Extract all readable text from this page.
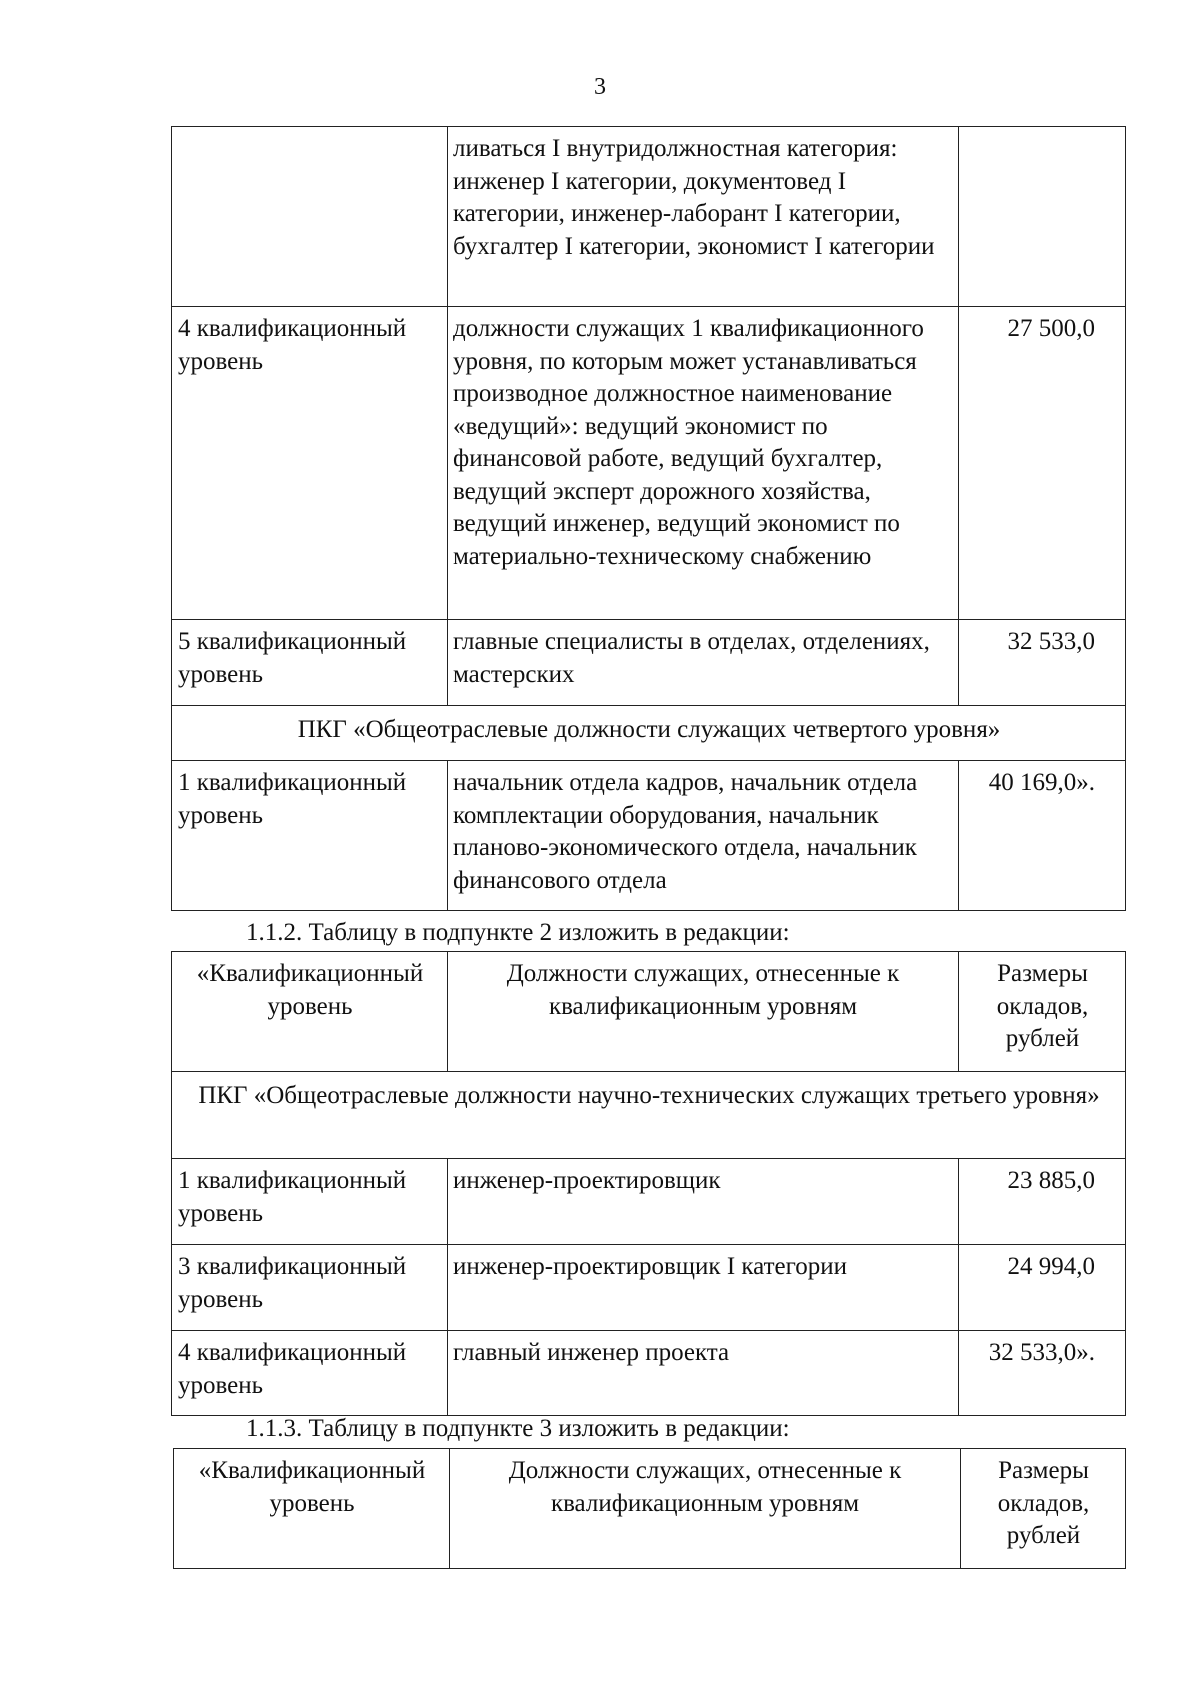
3
	ливаться I внутридолжностная категория: инженер I категории, документовед I категории, инженер-лаборант I категории, бухгалтер I категории, экономист I категории	
4 квалификационный уровень	должности служащих 1 квалификационного уровня, по которым может устанавливаться производное должностное наименование «ведущий»: ведущий экономист по финансовой работе, ведущий бухгалтер, ведущий эксперт дорожного хозяйства, ведущий инженер, ведущий экономист по материально-техническому снабжению	27 500,0
5 квалификационный уровень	главные специалисты в отделах, отделениях, мастерских	32 533,0
ПКГ «Общеотраслевые должности служащих четвертого уровня»		
1 квалификационный уровень	начальник отдела кадров, начальник отдела комплектации оборудования, начальник планово-экономического отдела, начальник финансового отдела	40 169,0».
1.1.2. Таблицу в подпункте 2 изложить в редакции:
«Квалификационный уровень	Должности служащих, отнесенные к квалификационным уровням	Размеры окладов, рублей
ПКГ «Общеотраслевые должности научно-технических служащих третьего уровня»		
1 квалификационный уровень	инженер-проектировщик	23 885,0
3 квалификационный уровень	инженер-проектировщик I категории	24 994,0
4 квалификационный уровень	главный инженер проекта	32 533,0».
1.1.3. Таблицу в подпункте 3 изложить в редакции:
«Квалификационный уровень	Должности служащих, отнесенные к квалификационным уровням	Размеры окладов, рублей
